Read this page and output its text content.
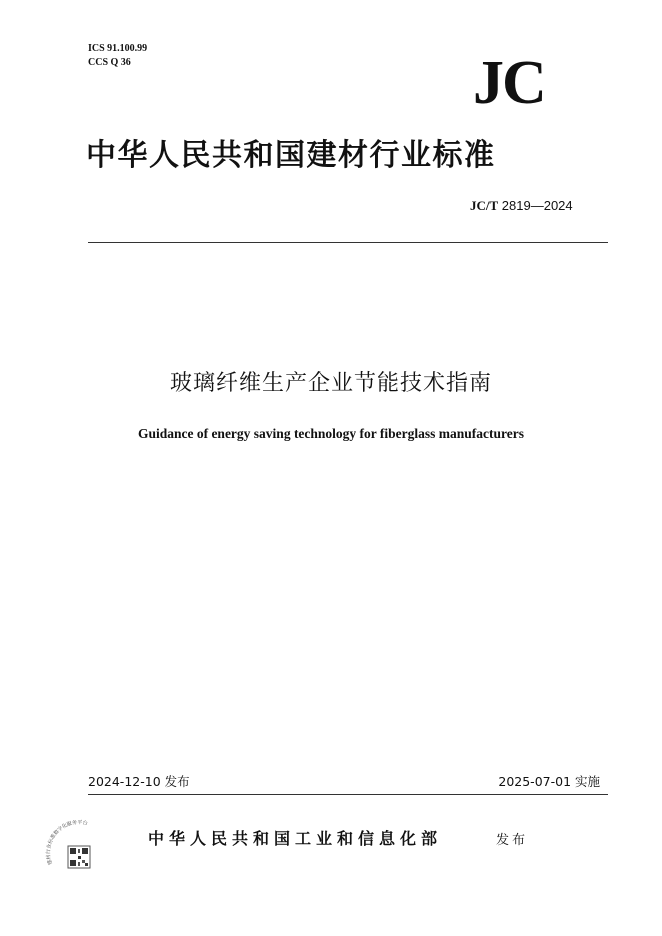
ICS 91.100.99
CCS Q 36	JC
中华人民共和国建材行业标准
JC/T 2819—2024
玻璃纤维生产企业节能技术指南
Guidance of energy saving technology for fiberglass manufacturers
2024-12-10 发布	2025-07-01 实施
建材行业标准数字化服务平台
中华人民共和国工业和信息化部	发布
